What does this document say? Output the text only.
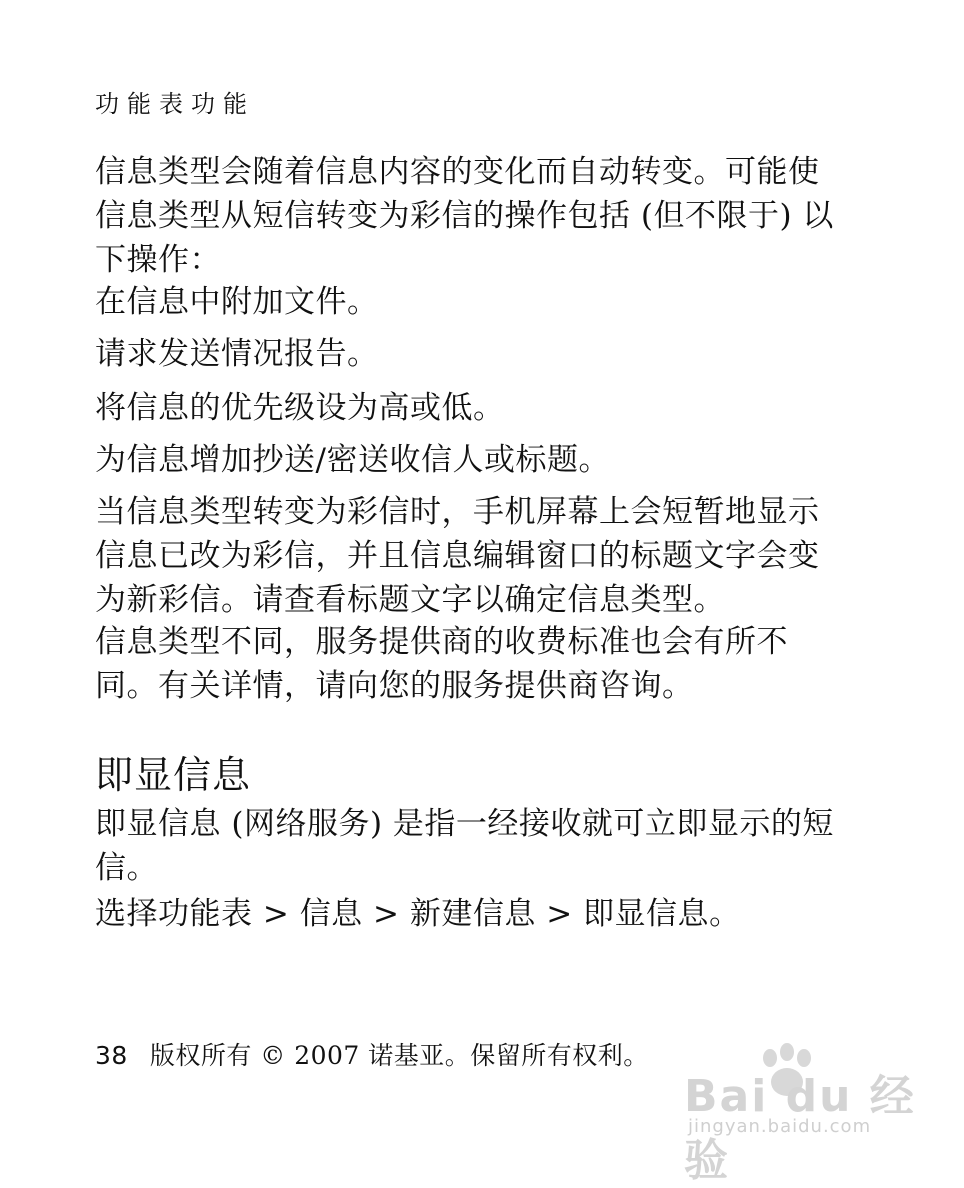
功能表功能
信息类型会随着信息内容的变化而自动转变。可能使信息类型从短信转变为彩信的操作包括 (但不限于) 以下操作：
在信息中附加文件。
请求发送情况报告。
将信息的优先级设为高或低。
为信息增加抄送/密送收信人或标题。
当信息类型转变为彩信时，手机屏幕上会短暂地显示信息已改为彩信，并且信息编辑窗口的标题文字会变为新彩信。请查看标题文字以确定信息类型。
信息类型不同，服务提供商的收费标准也会有所不同。有关详情，请向您的服务提供商咨询。
即显信息
即显信息 (网络服务) 是指一经接收就可立即显示的短信。
选择功能表 > 信息 > 新建信息 > 即显信息。
38 版权所有 © 2007 诺基亚。保留所有权利。
Bai du 经验
jingyan.baidu.com
